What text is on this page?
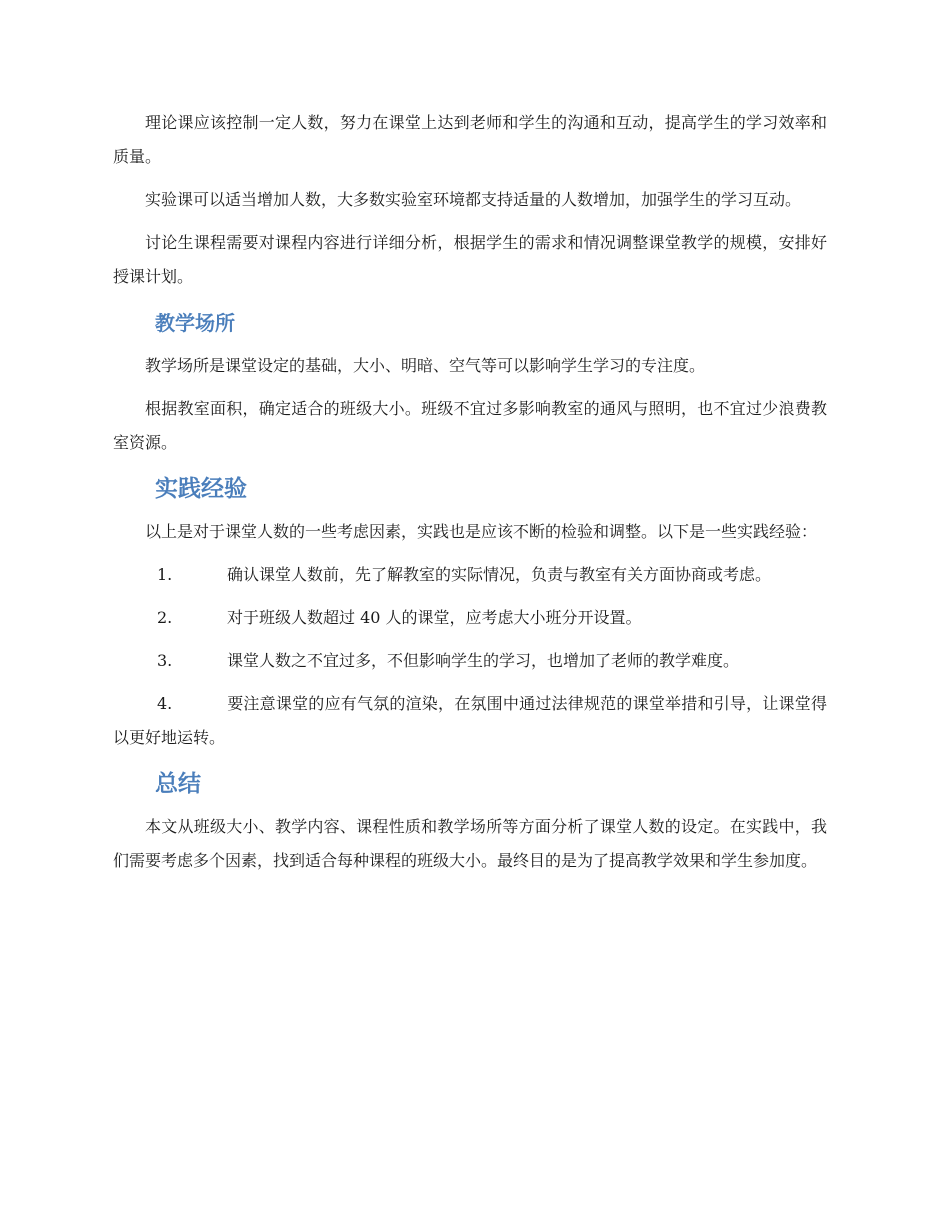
理论课应该控制一定人数，努力在课堂上达到老师和学生的沟通和互动，提高学生的学习效率和质量。

实验课可以适当增加人数，大多数实验室环境都支持适量的人数增加，加强学生的学习互动。

讨论生课程需要对课程内容进行详细分析，根据学生的需求和情况调整课堂教学的规模，安排好授课计划。

教学场所

教学场所是课堂设定的基础，大小、明暗、空气等可以影响学生学习的专注度。

根据教室面积，确定适合的班级大小。班级不宜过多影响教室的通风与照明，也不宜过少浪费教室资源。

实践经验

以上是对于课堂人数的一些考虑因素，实践也是应该不断的检验和调整。以下是一些实践经验：

1.	确认课堂人数前，先了解教室的实际情况，负责与教室有关方面协商或考虑。
2.	对于班级人数超过 40 人的课堂，应考虑大小班分开设置。
3.	课堂人数之不宜过多，不但影响学生的学习，也增加了老师的教学难度。
4.	要注意课堂的应有气氛的渲染，在氛围中通过法律规范的课堂举措和引导，让课堂得以更好地运转。
总结

本文从班级大小、教学内容、课程性质和教学场所等方面分析了课堂人数的设定。在实践中，我们需要考虑多个因素，找到适合每种课程的班级大小。最终目的是为了提高教学效果和学生参加度。
